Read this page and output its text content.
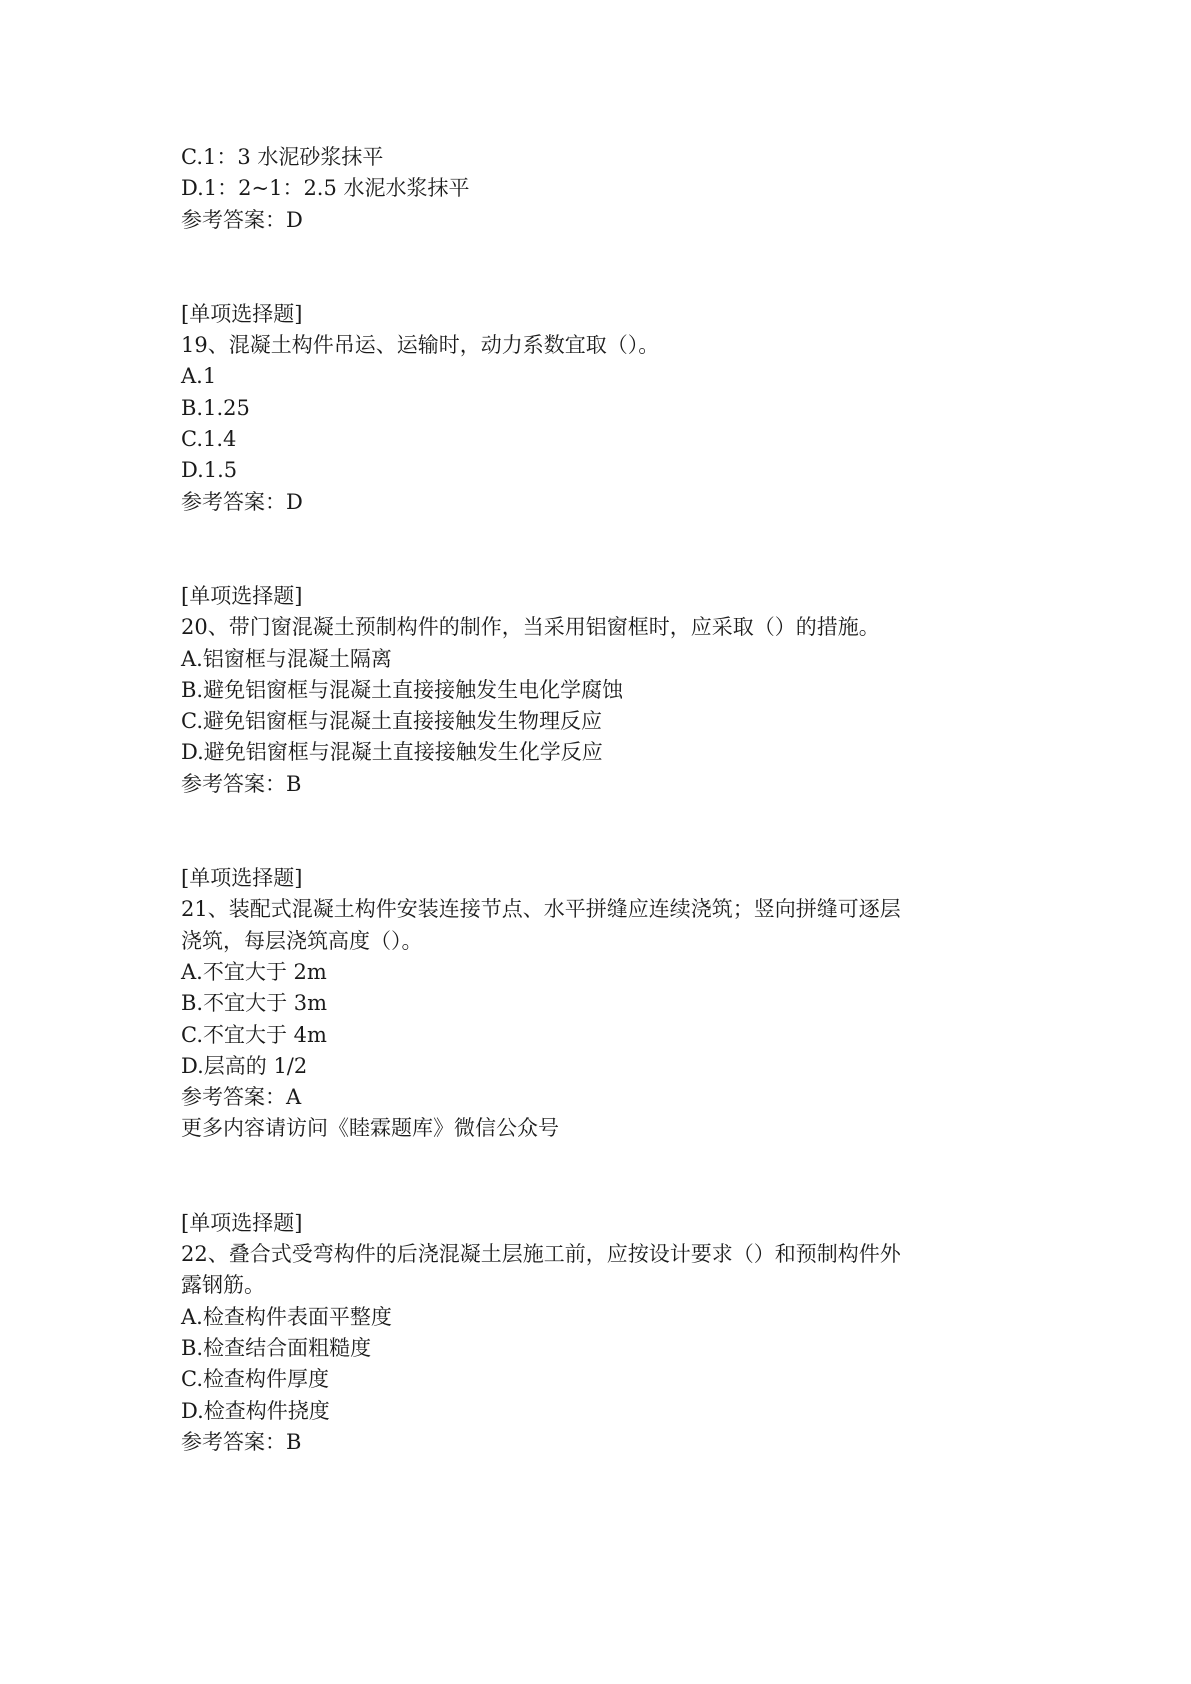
C.1：3 水泥砂浆抹平

D.1：2~1：2.5 水泥水浆抹平

参考答案：D

[单项选择题]

19、混凝土构件吊运、运输时，动力系数宜取（）。

A.1

B.1.25

C.1.4

D.1.5

参考答案：D

[单项选择题]

20、带门窗混凝土预制构件的制作，当采用铝窗框时，应采取（）的措施。

A.铝窗框与混凝土隔离

B.避免铝窗框与混凝土直接接触发生电化学腐蚀

C.避免铝窗框与混凝土直接接触发生物理反应

D.避免铝窗框与混凝土直接接触发生化学反应

参考答案：B

[单项选择题]

21、装配式混凝土构件安装连接节点、水平拼缝应连续浇筑；竖向拼缝可逐层

浇筑，每层浇筑高度（）。

A.不宜大于 2m

B.不宜大于 3m

C.不宜大于 4m

D.层高的 1/2

参考答案：A

更多内容请访问《睦霖题库》微信公众号

[单项选择题]

22、叠合式受弯构件的后浇混凝土层施工前，应按设计要求（）和预制构件外

露钢筋。

A.检查构件表面平整度

B.检查结合面粗糙度

C.检查构件厚度

D.检查构件挠度

参考答案：B
